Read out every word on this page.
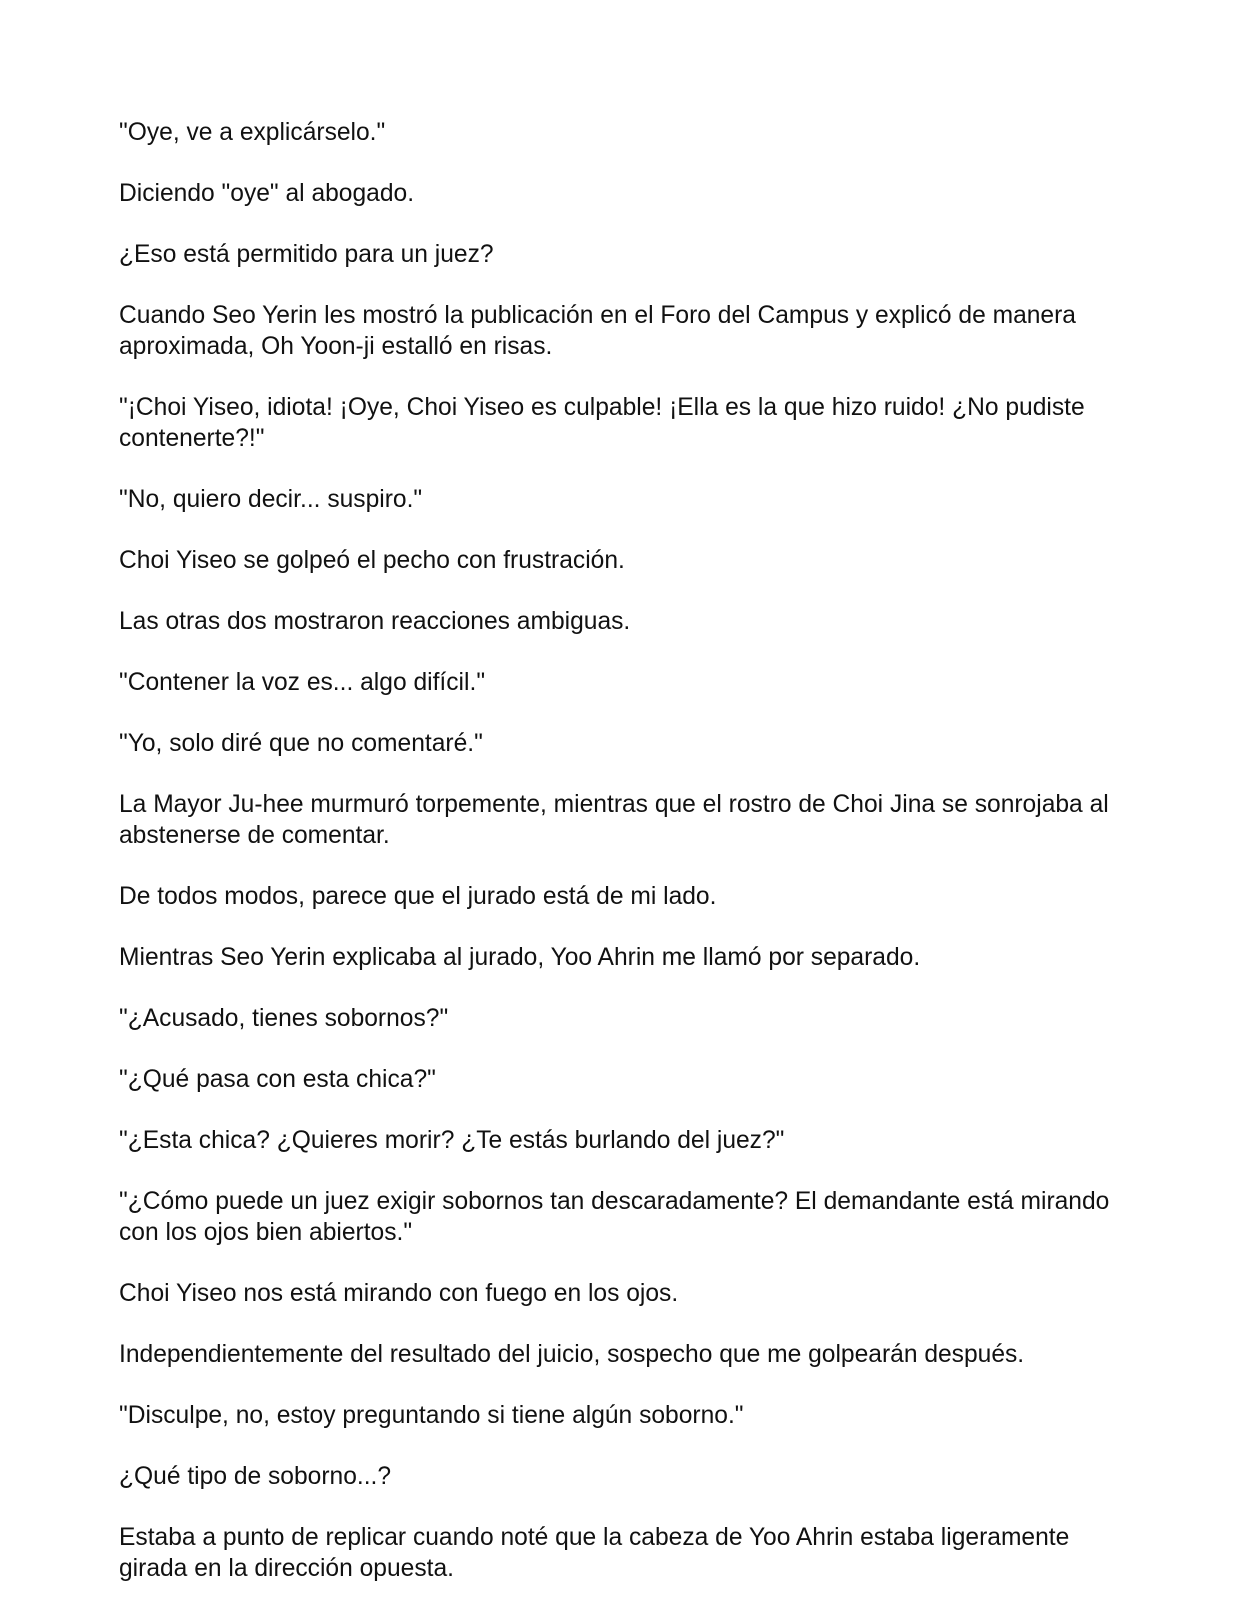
"Oye, ve a explicárselo."

Diciendo "oye" al abogado.

¿Eso está permitido para un juez?

Cuando Seo Yerin les mostró la publicación en el Foro del Campus y explicó de manera aproximada, Oh Yoon-ji estalló en risas.

"¡Choi Yiseo, idiota! ¡Oye, Choi Yiseo es culpable! ¡Ella es la que hizo ruido! ¿No pudiste contenerte?!"

"No, quiero decir... suspiro."

Choi Yiseo se golpeó el pecho con frustración.

Las otras dos mostraron reacciones ambiguas.

"Contener la voz es... algo difícil."

"Yo, solo diré que no comentaré."

La Mayor Ju-hee murmuró torpemente, mientras que el rostro de Choi Jina se sonrojaba al abstenerse de comentar.

De todos modos, parece que el jurado está de mi lado.

Mientras Seo Yerin explicaba al jurado, Yoo Ahrin me llamó por separado.

"¿Acusado, tienes sobornos?"

"¿Qué pasa con esta chica?"

"¿Esta chica? ¿Quieres morir? ¿Te estás burlando del juez?"

"¿Cómo puede un juez exigir sobornos tan descaradamente? El demandante está mirando con los ojos bien abiertos."

Choi Yiseo nos está mirando con fuego en los ojos.

Independientemente del resultado del juicio, sospecho que me golpearán después.

"Disculpe, no, estoy preguntando si tiene algún soborno."

¿Qué tipo de soborno...?

Estaba a punto de replicar cuando noté que la cabeza de Yoo Ahrin estaba ligeramente girada en la dirección opuesta.
